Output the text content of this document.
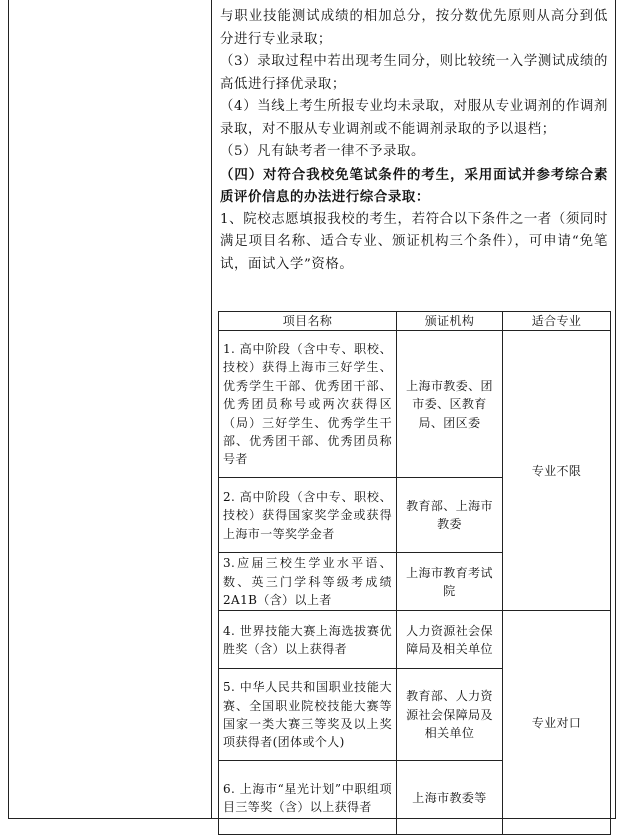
与职业技能测试成绩的相加总分，按分数优先原则从高分到低分进行专业录取；

（3）录取过程中若出现考生同分，则比较统一入学测试成绩的高低进行择优录取；

（4）当线上考生所报专业均未录取，对服从专业调剂的作调剂录取，对不服从专业调剂或不能调剂录取的予以退档；

（5）凡有缺考者一律不予录取。

（四）对符合我校免笔试条件的考生，采用面试并参考综合素质评价信息的办法进行综合录取：

1、院校志愿填报我校的考生，若符合以下条件之一者（须同时满足项目名称、适合专业、颁证机构三个条件），可申请“免笔试，面试入学”资格。

项目名称	颁证机构	适合专业
1. 高中阶段（含中专、职校、技校）获得上海市三好学生、优秀学生干部、优秀团干部、优秀团员称号或两次获得区（局）三好学生、优秀学生干部、优秀团干部、优秀团员称号者	上海市教委、团市委、区教育局、团区委	专业不限
2. 高中阶段（含中专、职校、技校）获得国家奖学金或获得上海市一等奖学金者	教育部、上海市教委	
3.应届三校生学业水平语、数、英三门学科等级考成绩2A1B（含）以上者	上海市教育考试院	
4. 世界技能大赛上海选拔赛优胜奖（含）以上获得者	人力资源社会保障局及相关单位	专业对口
5. 中华人民共和国职业技能大赛、全国职业院校技能大赛等国家一类大赛三等奖及以上奖项获得者(团体或个人)	教育部、人力资源社会保障局及相关单位	
6. 上海市“星光计划”中职组项目三等奖（含）以上获得者	上海市教委等	
